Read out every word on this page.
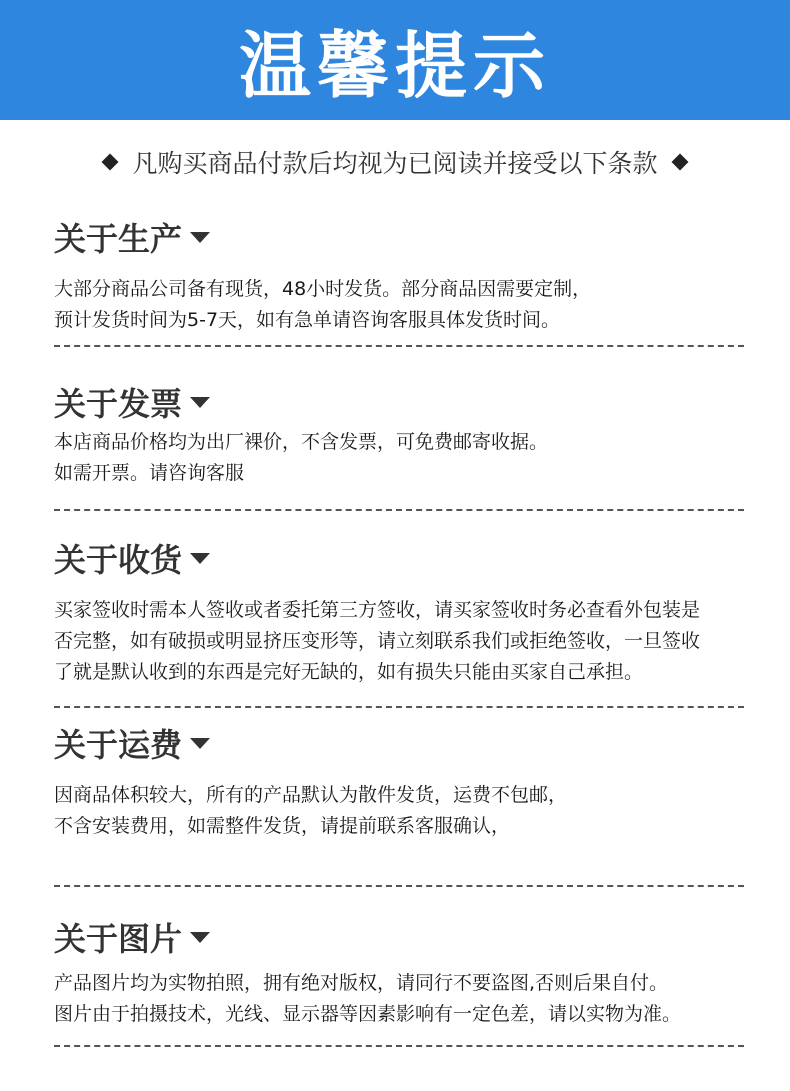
温馨提示
凡购买商品付款后均视为已阅读并接受以下条款
关于生产
大部分商品公司备有现货，48小时发货。部分商品因需要定制，
预计发货时间为5-7天，如有急单请咨询客服具体发货时间。
关于发票
本店商品价格均为出厂裸价，不含发票，可免费邮寄收据。
如需开票。请咨询客服
关于收货
买家签收时需本人签收或者委托第三方签收，请买家签收时务必查看外包装是
否完整，如有破损或明显挤压变形等，请立刻联系我们或拒绝签收，一旦签收
了就是默认收到的东西是完好无缺的，如有损失只能由买家自己承担。
关于运费
因商品体积较大，所有的产品默认为散件发货，运费不包邮，
不含安装费用，如需整件发货，请提前联系客服确认，
关于图片
产品图片均为实物拍照，拥有绝对版权，请同行不要盗图,否则后果自付。
图片由于拍摄技术，光线、显示器等因素影响有一定色差，请以实物为准。
